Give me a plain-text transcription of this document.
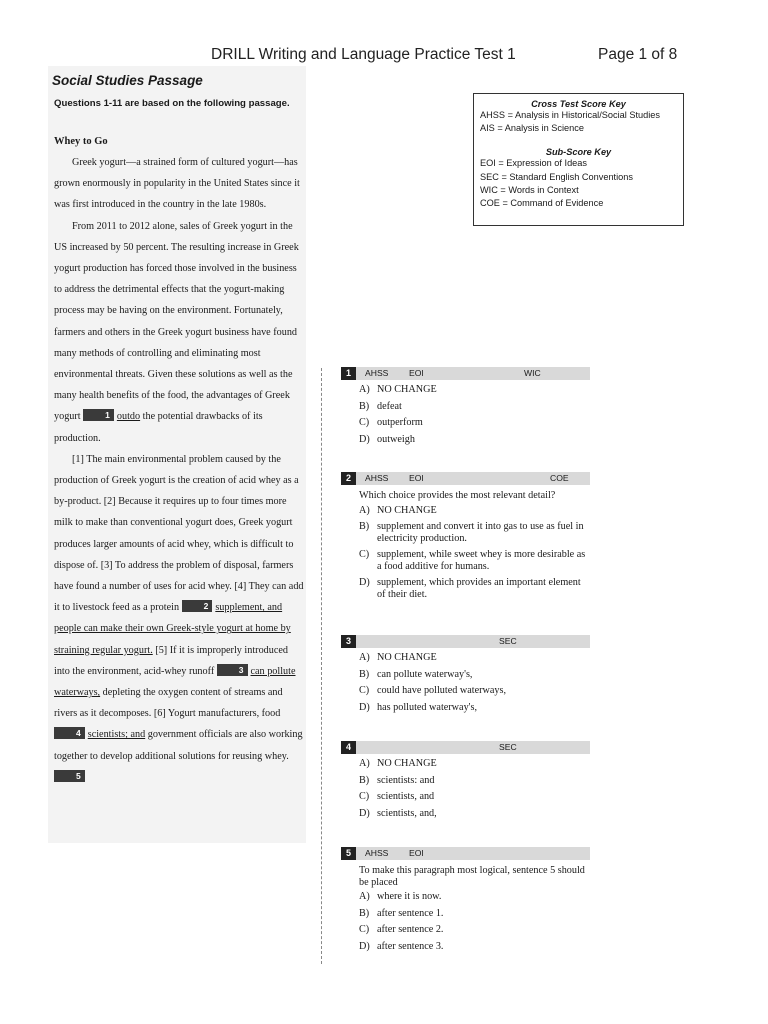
DRILL Writing and Language Practice Test 1	Page 1 of 8
Social Studies Passage
Questions 1-11 are based on the following passage.
Whey to Go

Greek yogurt—a strained form of cultured yogurt—has grown enormously in popularity in the United States since it was first introduced in the country in the late 1980s.

From 2011 to 2012 alone, sales of Greek yogurt in the US increased by 50 percent. The resulting increase in Greek yogurt production has forced those involved in the business to address the detrimental effects that the yogurt-making process may be having on the environment. Fortunately, farmers and others in the Greek yogurt business have found many methods of controlling and eliminating most environmental threats. Given these solutions as well as the many health benefits of the food, the advantages of Greek yogurt	1 outdo the potential drawbacks of its production.

[1] The main environmental problem caused by the production of Greek yogurt is the creation of acid whey as a by-product. [2] Because it requires up to four times more milk to make than conventional yogurt does, Greek yogurt produces larger amounts of acid whey, which is difficult to dispose of. [3] To address the problem of disposal, farmers have found a number of uses for acid whey. [4] They can add it to livestock feed as a protein	2 supplement, and people can make their own Greek-style yogurt at home by straining regular yogurt. [5] If it is improperly introduced into the environment, acid-whey runoff	3 can pollute waterways, depleting the oxygen content of streams and rivers as it decomposes. [6] Yogurt manufacturers, food 4 scientists; and government officials are also working together to develop additional solutions for reusing whey. 5

Cross Test Score Key
AHSS = Analysis in Historical/Social Studies
AIS = Analysis in Science
Sub-Score Key
EOI = Expression of Ideas
SEC = Standard English Conventions
WIC = Words in Context
COE = Command of Evidence
1	AHSS EOI	WIC
A) NO CHANGE
B) defeat
C) outperform
D) outweigh
2	AHSS EOI	COE
Which choice provides the most relevant detail?
A) NO CHANGE
B) supplement and convert it into gas to use as fuel in electricity production.
C) supplement, while sweet whey is more desirable as a food additive for humans.
D) supplement, which provides an important element of their diet.
3	SEC
A) NO CHANGE
B) can pollute waterway's,
C) could have polluted waterways,
D) has polluted waterway's,
4	SEC
A) NO CHANGE
B) scientists: and
C) scientists, and
D) scientists, and,
5	AHSS EOI
To make this paragraph most logical, sentence 5 should be placed
A) where it is now.
B) after sentence 1.
C) after sentence 2.
D) after sentence 3.
